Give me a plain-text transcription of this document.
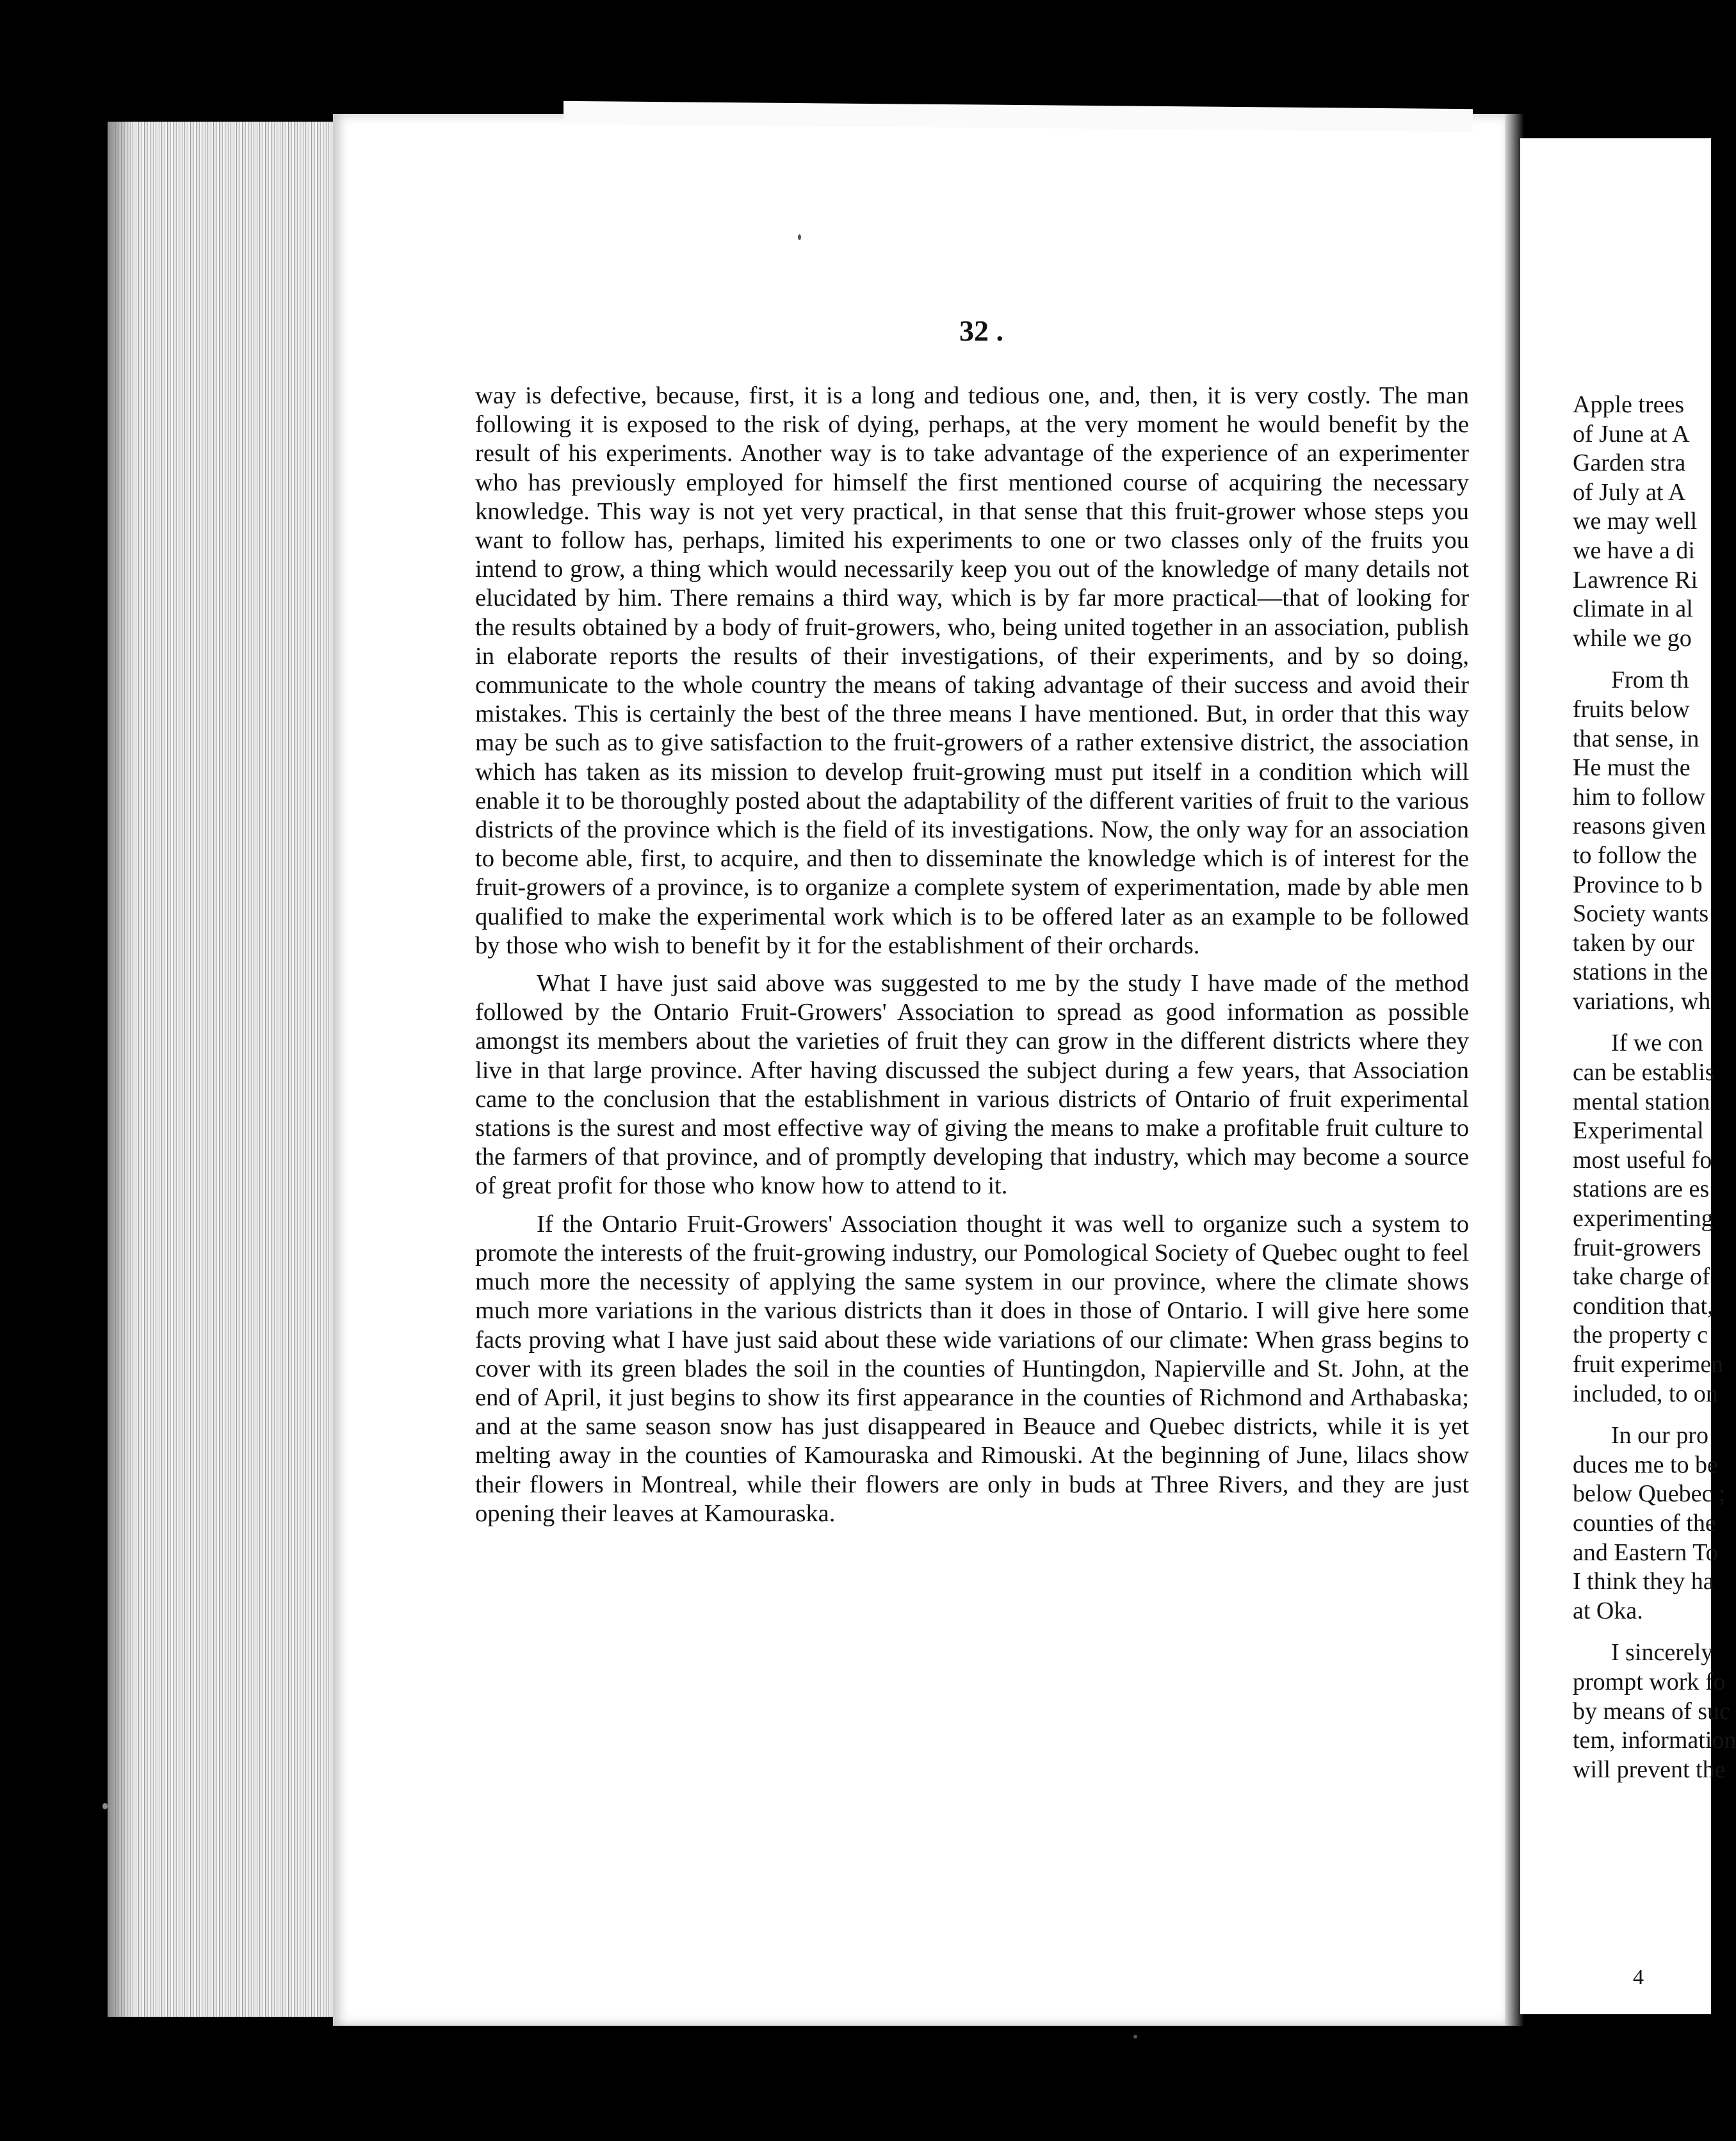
32 .

way is defective, because, first, it is a long and tedious one, and, then, it is very costly. The man following it is exposed to the risk of dying, perhaps, at the very moment he would benefit by the result of his experiments. Another way is to take advantage of the experience of an experimenter who has previously employed for himself the first mentioned course of acquiring the necessary knowledge. This way is not yet very practical, in that sense that this fruit-grower whose steps you want to follow has, perhaps, limited his experiments to one or two classes only of the fruits you intend to grow, a thing which would necessarily keep you out of the knowledge of many details not elucidated by him. There remains a third way, which is by far more practical—that of looking for the results obtained by a body of fruit-growers, who, being united together in an association, publish in elaborate reports the results of their investigations, of their experiments, and by so doing, communicate to the whole country the means of taking advantage of their success and avoid their mistakes. This is certainly the best of the three means I have mentioned. But, in order that this way may be such as to give satisfaction to the fruit-growers of a rather extensive district, the association which has taken as its mission to develop fruit-growing must put itself in a condition which will enable it to be thoroughly posted about the adaptability of the different varities of fruit to the various districts of the province which is the field of its investigations. Now, the only way for an association to become able, first, to acquire, and then to disseminate the knowledge which is of interest for the fruit-growers of a province, is to organize a complete system of experimentation, made by able men qualified to make the experimental work which is to be offered later as an example to be followed by those who wish to benefit by it for the establishment of their orchards.

What I have just said above was suggested to me by the study I have made of the method followed by the Ontario Fruit-Growers' Association to spread as good information as possible amongst its members about the varieties of fruit they can grow in the different districts where they live in that large province. After having discussed the subject during a few years, that Association came to the conclusion that the establishment in various districts of Ontario of fruit experimental stations is the surest and most effective way of giving the means to make a profitable fruit culture to the farmers of that province, and of promptly developing that industry, which may become a source of great profit for those who know how to attend to it.

If the Ontario Fruit-Growers' Association thought it was well to organize such a system to promote the interests of the fruit-growing industry, our Pomological Society of Quebec ought to feel much more the necessity of applying the same system in our province, where the climate shows much more variations in the various districts than it does in those of Ontario. I will give here some facts proving what I have just said about these wide variations of our climate: When grass begins to cover with its green blades the soil in the counties of Huntingdon, Napierville and St. John, at the end of April, it just begins to show its first appearance in the counties of Richmond and Arthabaska; and at the same season snow has just disappeared in Beauce and Quebec districts, while it is yet melting away in the counties of Kamouraska and Rimouski. At the beginning of June, lilacs show their flowers in Montreal, while their flowers are only in buds at Three Rivers, and they are just opening their leaves at Kamouraska.

Apple trees
of June at A
Garden stra
of July at A
we may well
we have a di
Lawrence Ri
climate in al
while we go
From th
fruits below
that sense, in
He must the
him to follow
reasons given
to follow the
Province to b
Society wants
taken by our
stations in the
variations, wh
If we con
can be establis
mental station
Experimental
most useful fo
stations are es
experimenting
fruit-growers
take charge of
condition that,
the property c
fruit experimen
included, to on
In our pro
duces me to be
below Quebec ;
counties of the
and Eastern To
I think they ha
at Oka.
I sincerely
prompt work fo
by means of suc
tem, information
will prevent the
4
